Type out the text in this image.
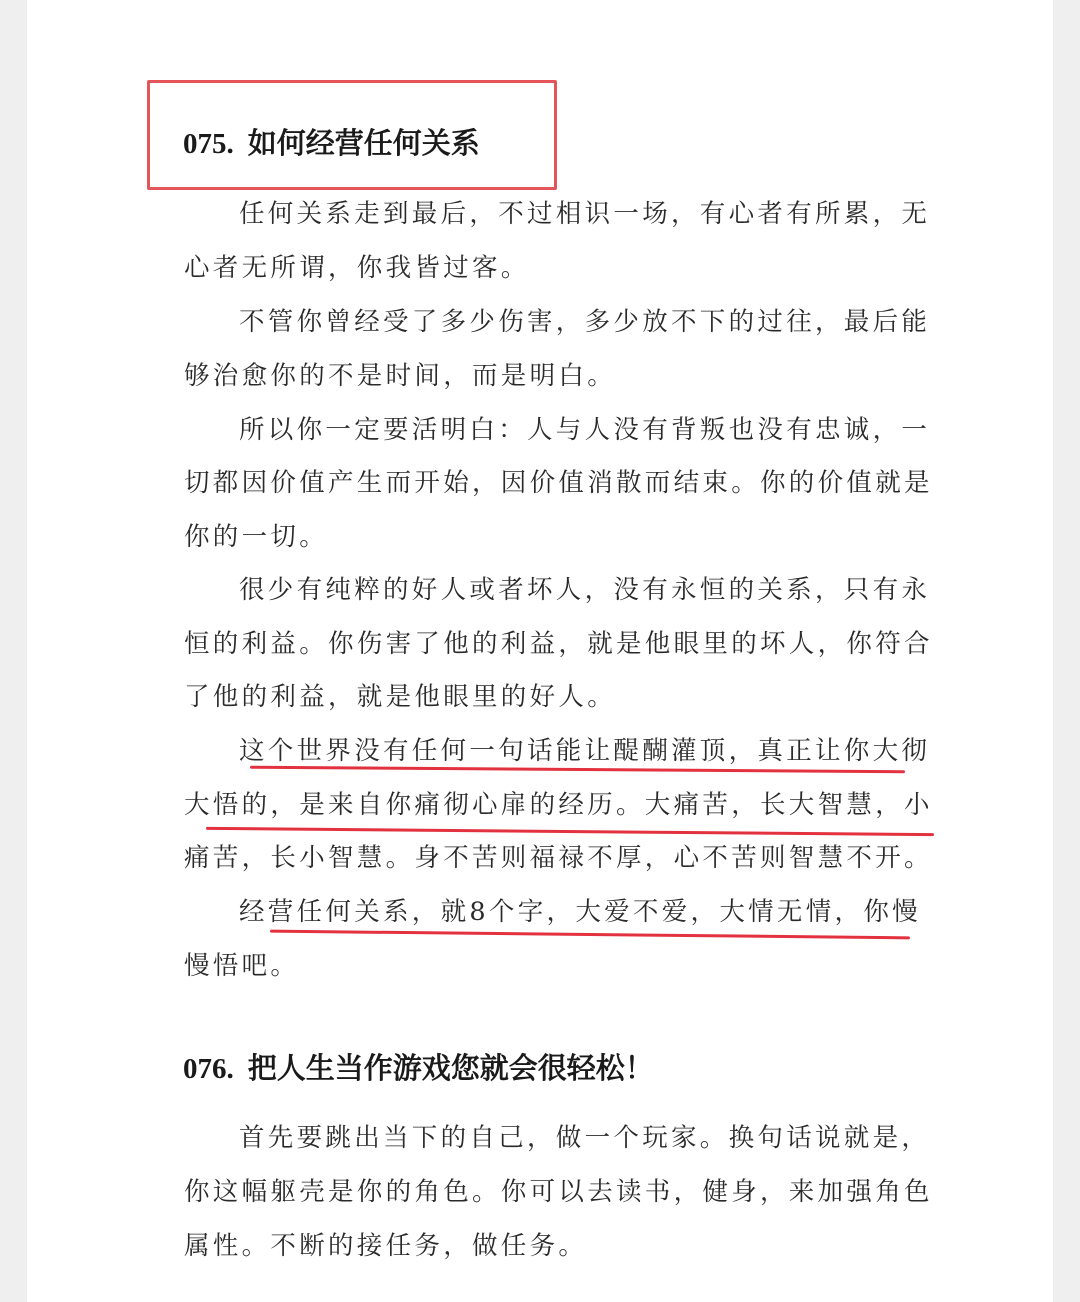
075. 如何经营任何关系
任何关系走到最后，不过相识一场，有心者有所累，无
心者无所谓，你我皆过客。
不管你曾经受了多少伤害，多少放不下的过往，最后能
够治愈你的不是时间，而是明白。
所以你一定要活明白：人与人没有背叛也没有忠诚，一
切都因价值产生而开始，因价值消散而结束。你的价值就是
你的一切。
很少有纯粹的好人或者坏人，没有永恒的关系，只有永
恒的利益。你伤害了他的利益，就是他眼里的坏人，你符合
了他的利益，就是他眼里的好人。
这个世界没有任何一句话能让醍醐灌顶，真正让你大彻
大悟的，是来自你痛彻心扉的经历。大痛苦，长大智慧，小
痛苦，长小智慧。身不苦则福禄不厚，心不苦则智慧不开。
经营任何关系，就8个字，大爱不爱，大情无情，你慢
慢悟吧。
076. 把人生当作游戏您就会很轻松！
首先要跳出当下的自己，做一个玩家。换句话说就是，
你这幅躯壳是你的角色。你可以去读书，健身，来加强角色
属性。不断的接任务，做任务。
